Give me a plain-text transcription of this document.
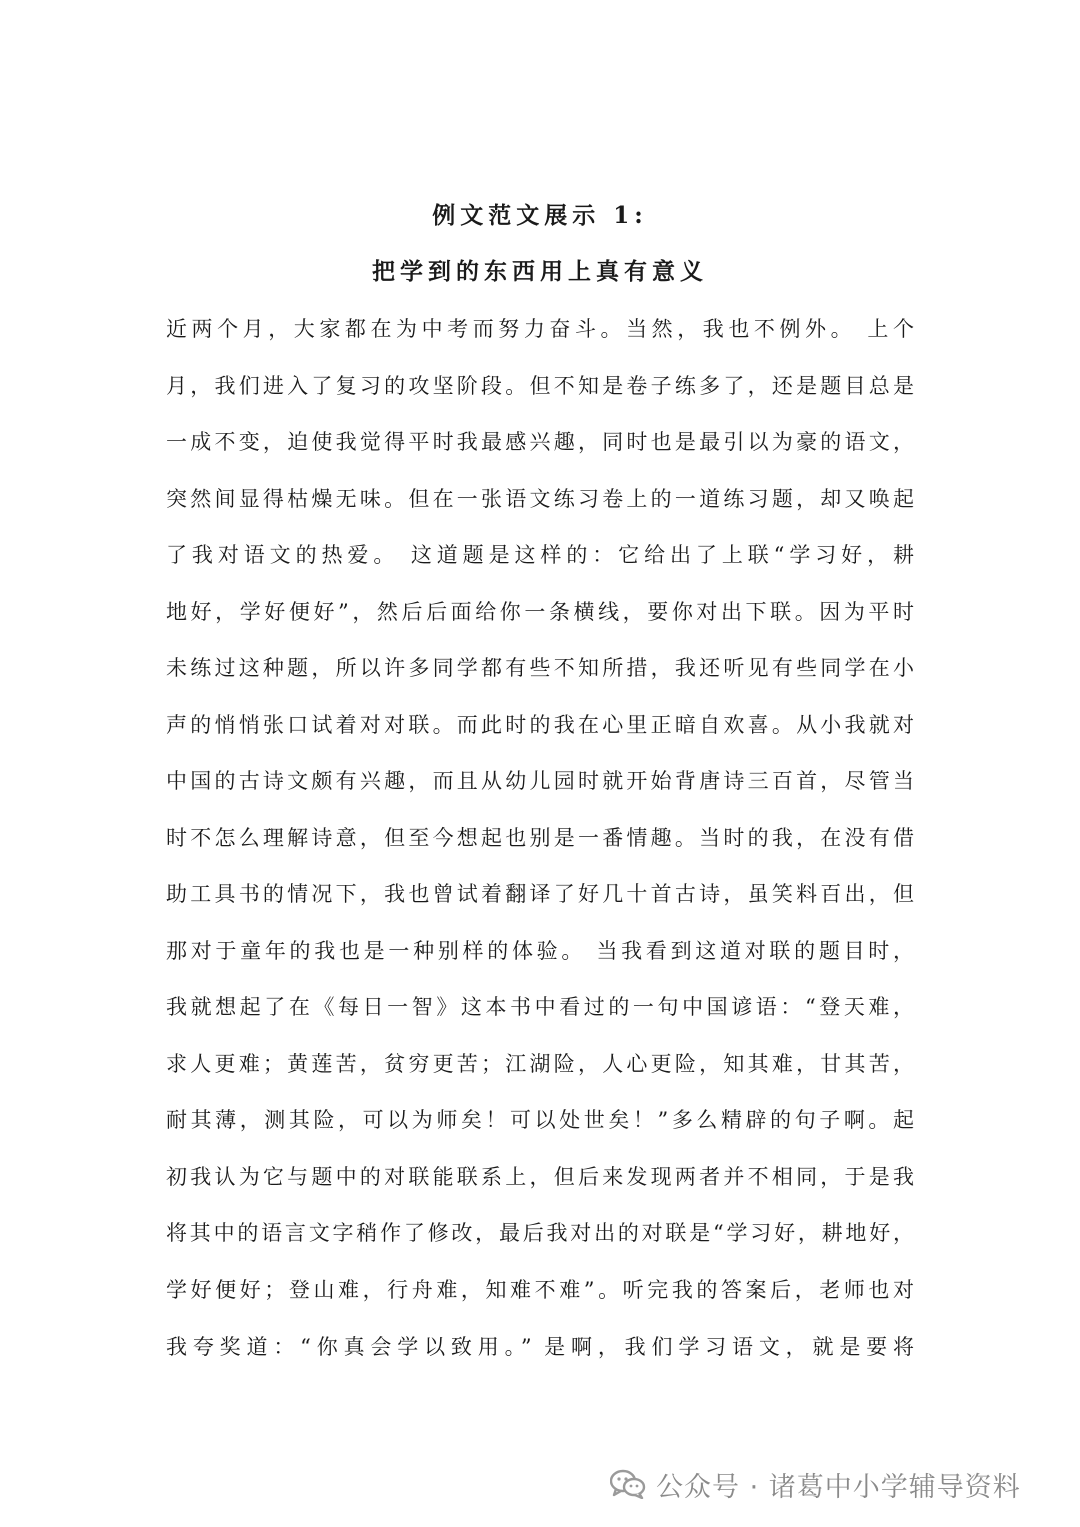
例文范文展示 1:
把学到的东西用上真有意义
近两个月，大家都在为中考而努力奋斗。当然，我也不例外。 上个
月，我们进入了复习的攻坚阶段。但不知是卷子练多了，还是题目总是
一成不变，迫使我觉得平时我最感兴趣，同时也是最引以为豪的语文，
突然间显得枯燥无味。但在一张语文练习卷上的一道练习题，却又唤起
了我对语文的热爱。 这道题是这样的：它给出了上联“学习好，耕
地好，学好便好”，然后后面给你一条横线，要你对出下联。因为平时
未练过这种题，所以许多同学都有些不知所措，我还听见有些同学在小
声的悄悄张口试着对对联。而此时的我在心里正暗自欢喜。从小我就对
中国的古诗文颇有兴趣，而且从幼儿园时就开始背唐诗三百首，尽管当
时不怎么理解诗意，但至今想起也别是一番情趣。当时的我，在没有借
助工具书的情况下，我也曾试着翻译了好几十首古诗，虽笑料百出，但
那对于童年的我也是一种别样的体验。 当我看到这道对联的题目时，
我就想起了在《每日一智》这本书中看过的一句中国谚语：“登天难，
求人更难；黄莲苦，贫穷更苦；江湖险，人心更险，知其难，甘其苦，
耐其薄，测其险，可以为师矣！可以处世矣！”多么精辟的句子啊。起
初我认为它与题中的对联能联系上，但后来发现两者并不相同，于是我
将其中的语言文字稍作了修改，最后我对出的对联是“学习好，耕地好，
学好便好；登山难，行舟难，知难不难”。听完我的答案后，老师也对
我夸奖道：“你真会学以致用。” 是啊，我们学习语文，就是要将
公众号 · 诸葛中小学辅导资料
